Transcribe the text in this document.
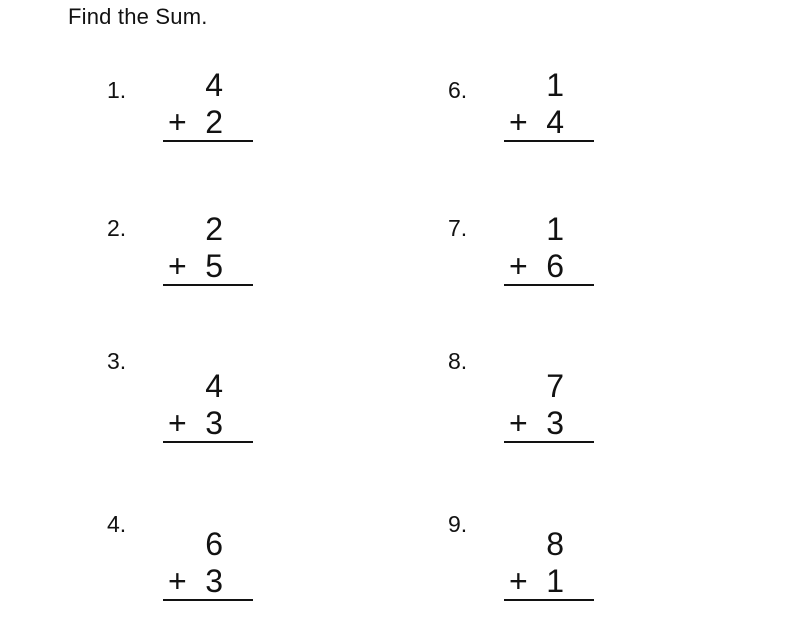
Find the Sum.
1.	4
+ 2
2.	2
+ 5
3.
4
+ 3
4.
6
+ 3
6.	1
+ 4
7.	1
+ 6
8.
7
+ 3
9.
8
+ 1
